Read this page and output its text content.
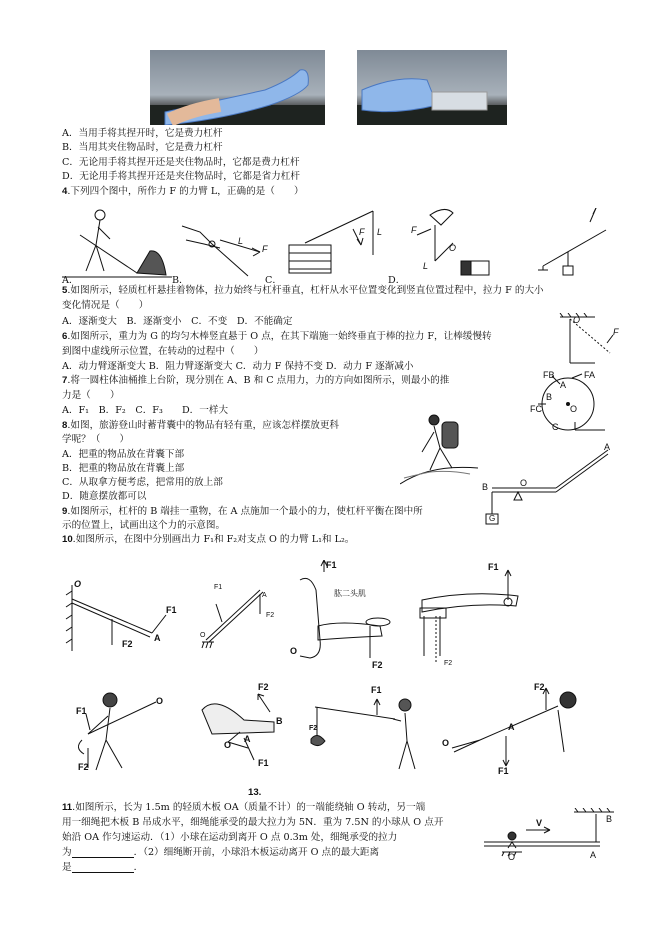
A．当用手将其捏开时，它是费力杠杆
B．当用其夹住物品时，它是费力杠杆
C．无论用手将其捏开还是夹住物品时，它都是费力杠杆
D．无论用手将其捏开还是夹住物品时，它都是省力杠杆
4.下列四个图中，所作力 F 的力臂 L，正确的是（　　）
A．
L
F
B．
F L
C．
F
O
L
D．
5.如图所示，轻质杠杆悬挂着物体，拉力始终与杠杆垂直，杠杆从水平位置变化到竖直位置过程中，拉力 F 的大小
变化情况是（　　）
A．逐渐变大　B．逐渐变小　C．不变　D．不能确定	O
F
6.如图所示，重力为 G 的均匀木棒竖直悬于 O 点，在其下端施一始终垂直于棒的拉力 F，让棒缓慢转
到图中虚线所示位置，在转动的过程中（　　）
A．动力臂逐渐变大 B．阻力臂逐渐变大 C．动力 F 保持不变 D．动力 F 逐渐减小
FB	FA
A
B
FC	O
C
7.将一圆柱体油桶推上台阶，现分别在 A、B 和 C 点用力，力的方向如图所示，则最小的推
力是（　　）
A．F₁　B．F₂　C．F₃　　D．一样大
8.如图，旅游登山时蓄背囊中的物品有轻有重，应该怎样摆放更科
学呢？（　　）
A．把重的物品放在背囊下部
B．把重的物品放在背囊上部
C．从取拿方便考虑，把常用的放上部
D．随意摆放都可以
B	O
A
G
9.如图所示，杠杆的 B 端挂一重物，在 A 点施加一个最小的力，使杠杆平衡在图中所
示的位置上，试画出这个力的示意图。
10.如图所示，在图中分别画出力 F₁和 F₂对支点 O 的力臂 L₁和 L₂。
O
A
F1
F2
F1
A
F2
O
F1
肱二头肌
O
F2
F1
F2
F1
O
F2
F2
B
O
A
F1
F1
F2
F2
A
O
F1
13.
11.如图所示，长为 1.5m 的轻质木板 OA（质量不计）的一端能绕轴 O 转动，另一端
用一细绳把木板 B 吊成水平，细绳能承受的最大拉力为 5N．重为 7.5N 的小球从 O 点开
始沿 OA 作匀速运动．（1）小球在运动到离开 O 点 0.3m 处，细绳承受的拉力
为	．（2）细绳断开前，小球沿木板运动离开 O 点的最大距离
是	．
V	B
O	A
